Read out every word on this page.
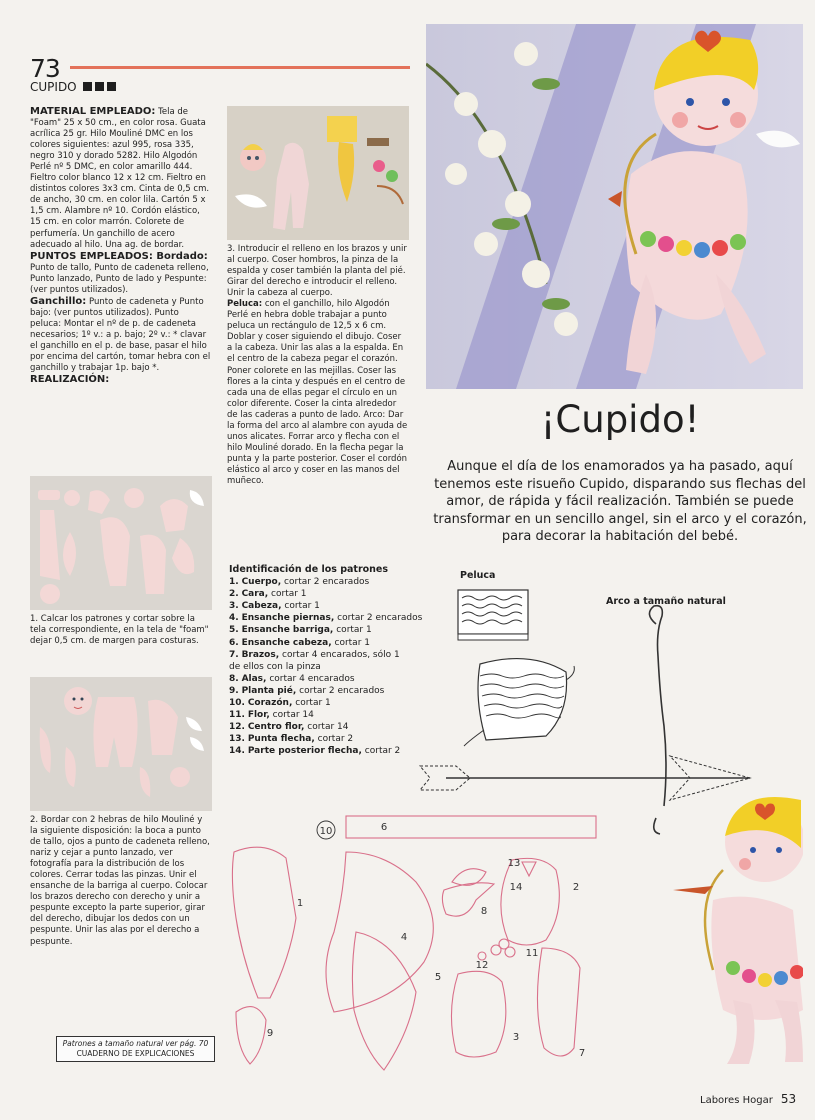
73
CUPIDO

MATERIAL EMPLEADO: Tela de "Foam" 25 x 50 cm., en color rosa. Guata acrílica 25 gr. Hilo Mouliné DMC en los colores siguientes: azul 995, rosa 335, negro 310 y dorado 5282. Hilo Algodón Perlé nº 5 DMC, en color amarillo 444. Fieltro color blanco 12 x 12 cm. Fieltro en distintos colores 3x3 cm. Cinta de 0,5 cm. de ancho, 30 cm. en color lila. Cartón 5 x 1,5 cm. Alambre nº 10. Cordón elástico, 15 cm. en color marrón. Colorete de perfumería. Un ganchillo de acero adecuado al hilo. Una ag. de bordar.

PUNTOS EMPLEADOS: Bordado: Punto de tallo, Punto de cadeneta relleno, Punto lanzado, Punto de lado y Pespunte: (ver puntos utilizados).

Ganchillo: Punto de cadeneta y Punto bajo: (ver puntos utilizados). Punto peluca: Montar el nº de p. de cadeneta necesarios; 1º v.: a p. bajo; 2º v.: * clavar el ganchillo en el p. de base, pasar el hilo por encima del cartón, tomar hebra con el ganchillo y trabajar 1p. bajo *.

REALIZACIÓN:

3. Introducir el relleno en los brazos y unir al cuerpo. Coser hombros, la pinza de la espalda y coser también la planta del pié. Girar del derecho e introducir el relleno. Unir la cabeza al cuerpo.

Peluca: con el ganchillo, hilo Algodón Perlé en hebra doble trabajar a punto peluca un rectángulo de 12,5 x 6 cm. Doblar y coser siguiendo el dibujo. Coser a la cabeza. Unir las alas a la espalda. En el centro de la cabeza pegar el corazón. Poner colorete en las mejillas. Coser las flores a la cinta y después en el centro de cada una de ellas pegar el círculo en un color diferente. Coser la cinta alrededor de las caderas a punto de lado. Arco: Dar la forma del arco al alambre con ayuda de unos alicates. Forrar arco y flecha con el hilo Mouliné dorado. En la flecha pegar la punta y la parte posterior. Coser el cordón elástico al arco y coser en las manos del muñeco.

1. Calcar los patrones y cortar sobre la tela correspondiente, en la tela de "foam" dejar 0,5 cm. de margen para costuras.
2. Bordar con 2 hebras de hilo Mouliné y la siguiente disposición: la boca a punto de tallo, ojos a punto de cadeneta relleno, nariz y cejar a punto lanzado, ver fotografía para la distribución de los colores. Cerrar todas las pinzas. Unir el ensanche de la barriga al cuerpo. Colocar los brazos derecho con derecho y unir a pespunte excepto la parte superior, girar del derecho, dibujar los dedos con un pespunte. Unir las alas por el derecho a pespunte.
Identificación de los patrones
1. Cuerpo, cortar 2 encarados
2. Cara, cortar 1
3. Cabeza, cortar 1
4. Ensanche piernas, cortar 2 encarados
5. Ensanche barriga, cortar 1
6. Ensanche cabeza, cortar 1
7. Brazos, cortar 4 encarados, sólo 1
de ellos con la pinza
8. Alas, cortar 4 encarados
9. Planta pié, cortar 2 encarados
10. Corazón, cortar 1
11. Flor, cortar 14
12. Centro flor, cortar 14
13. Punta flecha, cortar 2
14. Parte posterior flecha, cortar 2
¡Cupido!
Aunque el día de los enamorados ya ha pasado, aquí tenemos este risueño Cupido, disparando sus flechas del amor, de rápida y fácil realización. También se puede transformar en un sencillo angel, sin el arco y el corazón, para decorar la habitación del bebé.
Peluca
Arco a tamaño natural
10	6
1
4
5
3
2
8
13
14
11
12
7
9
Patrones a tamaño natural ver pág. 70
CUADERNO DE EXPLICACIONES
Labores Hogar 53
